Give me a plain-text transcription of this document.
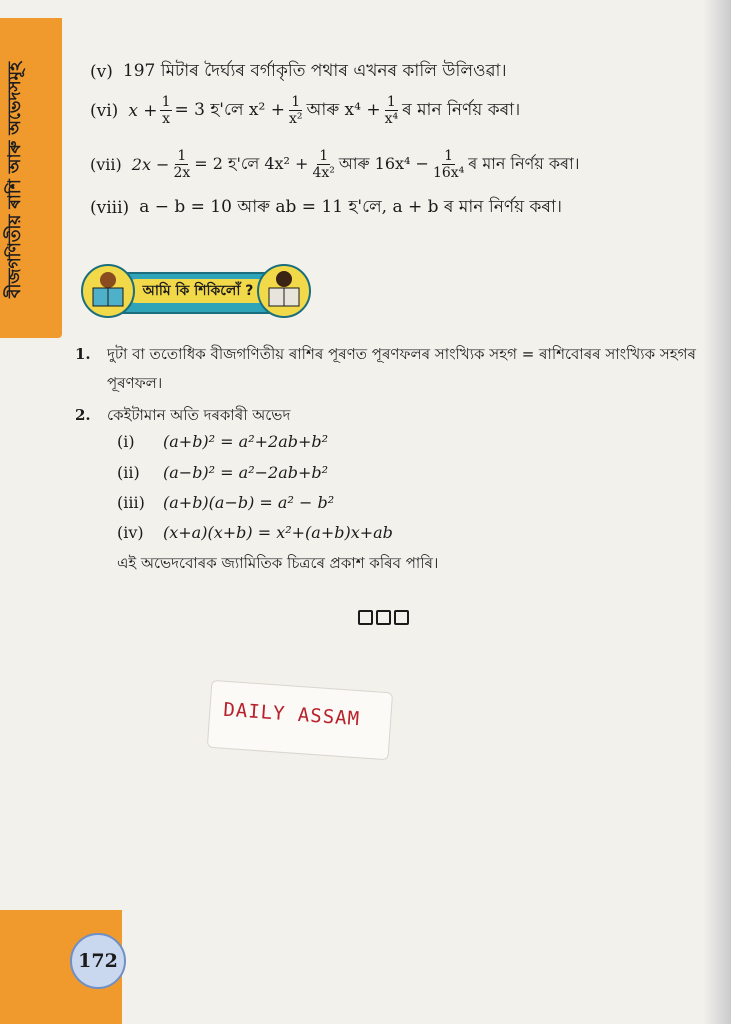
বীজগণিতীয় ৰাশি আৰু অভেদসমূহ	(v) 197 মিটাৰ দৈৰ্ঘ্যৰ বৰ্গাকৃতি পথাৰ এখনৰ কালি উলিওৱা।
(vi) $x + \frac{1}{x} = 3$ হ'লে $x^2 + \frac{1}{\text{x²}}$ আৰু $x^4 + \frac{1}{\text{x⁴}}$ ৰ মান নিৰ্ণয় কৰা।
(vii) $2x - \frac{1}{2x} = 2$ হ'লে $4x^2 + \frac{1}{\text{4x²}}$ আৰু $16x^4 - \frac{1}{\text{16x⁴}}$ ৰ মান নিৰ্ণয় কৰা।
(viii) a − b = 10 আৰু ab = 11 হ'লে, a + b ৰ মান নিৰ্ণয় কৰা।
আমি কি শিকিলোঁ ?
1. দুটা বা ততোধিক বীজগণিতীয় ৰাশিৰ পূৰণত পূৰণফলৰ সাংখ্যিক সহগ = ৰাশিবোৰৰ সাংখ্যিক সহগৰ
পূৰণফল।
2. কেইটামান অতি দৰকাৰী অভেদ
(i) (a+b)² = a²+2ab+b²
(ii) (a−b)² = a²−2ab+b²
(iii) (a+b)(a−b) = a² − b²
(iv) (x+a)(x+b) = x²+(a+b)x+ab
এই অভেদবোৰক জ্যামিতিক চিত্ৰৰে প্ৰকাশ কৰিব পাৰি।
DAILY ASSAM
172
